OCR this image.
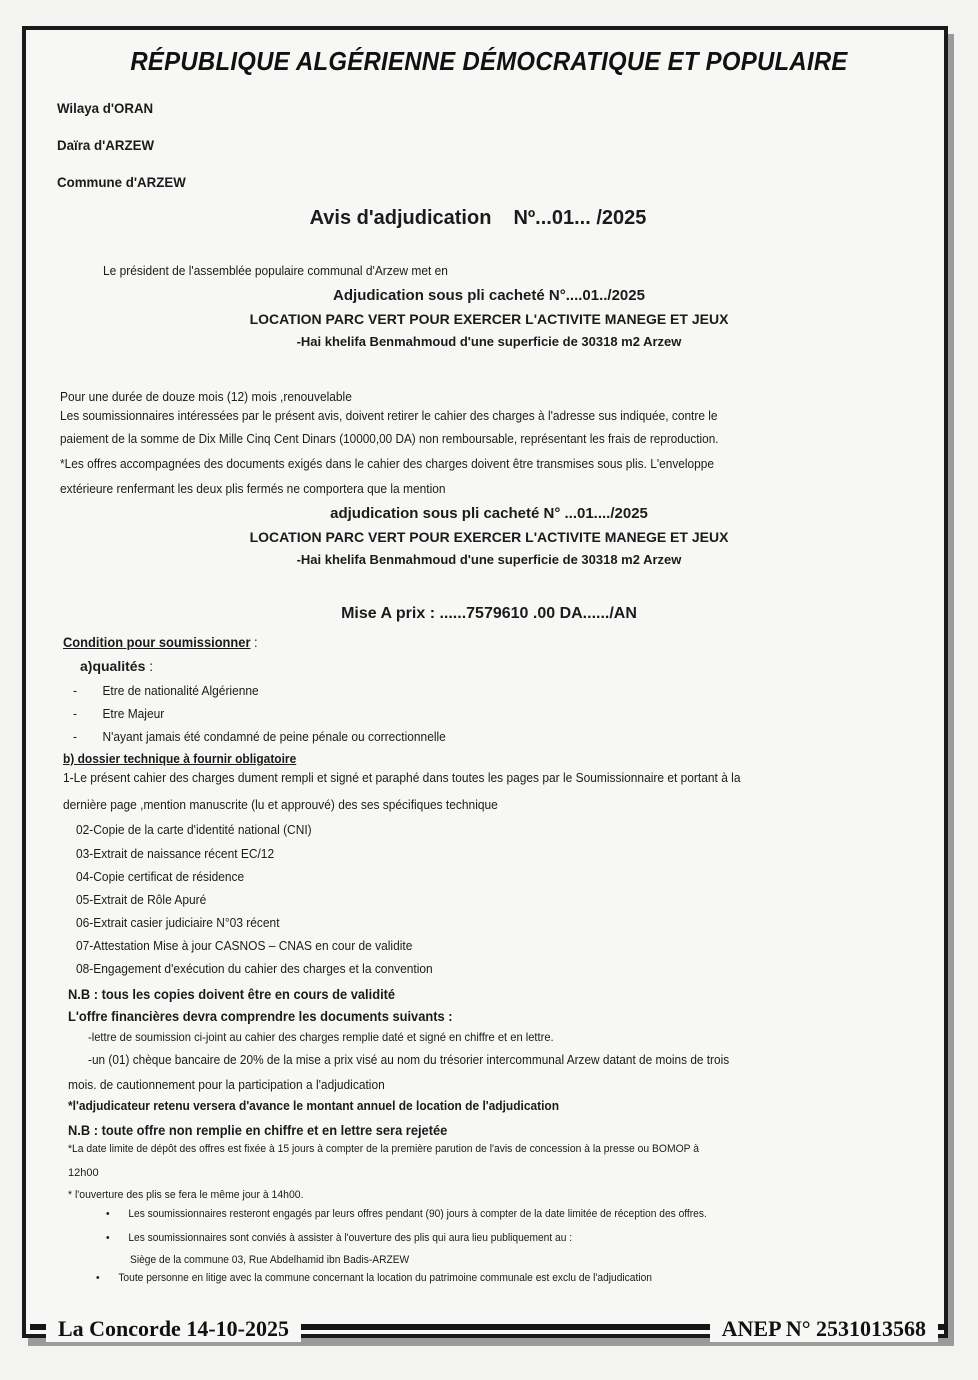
RÉPUBLIQUE ALGÉRIENNE DÉMOCRATIQUE ET POPULAIRE
Wilaya d'ORAN
Daïra d'ARZEW
Commune d'ARZEW
Avis d'adjudication Nº...01... /2025
Le président de l'assemblée populaire communal d'Arzew met en
Adjudication sous pli cacheté N°....01../2025
LOCATION PARC VERT POUR EXERCER L'ACTIVITE MANEGE ET JEUX
-Hai khelifa Benmahmoud d'une superficie de 30318 m2 Arzew
Pour une durée de douze mois (12) mois ,renouvelable
Les soumissionnaires intéressées par le présent avis, doivent retirer le cahier des charges à l'adresse sus indiquée, contre le
paiement de la somme de Dix Mille Cinq Cent Dinars (10000,00 DA) non remboursable, représentant les frais de reproduction.
*Les offres accompagnées des documents exigés dans le cahier des charges doivent être transmises sous plis. L'enveloppe
extérieure renfermant les deux plis fermés ne comportera que la mention
adjudication sous pli cacheté N° ...01..../2025
LOCATION PARC VERT POUR EXERCER L'ACTIVITE MANEGE ET JEUX
-Hai khelifa Benmahmoud d'une superficie de 30318 m2 Arzew
Mise A prix : ......7579610 .00 DA....../AN
Condition pour soumissionner :
a)qualités :
- Etre de nationalité Algérienne
- Etre Majeur
- N'ayant jamais été condamné de peine pénale ou correctionnelle
b) dossier technique à fournir obligatoire
1-Le présent cahier des charges dument rempli et signé et paraphé dans toutes les pages par le Soumissionnaire et portant à la
dernière page ,mention manuscrite (lu et approuvé) des ses spécifiques technique
02-Copie de la carte d'identité national (CNI)
03-Extrait de naissance récent EC/12
04-Copie certificat de résidence
05-Extrait de Rôle Apuré
06-Extrait casier judiciaire N°03 récent
07-Attestation Mise à jour CASNOS – CNAS en cour de validite
08-Engagement d'exécution du cahier des charges et la convention
N.B : tous les copies doivent être en cours de validité
L'offre financières devra comprendre les documents suivants :
-lettre de soumission ci-joint au cahier des charges remplie daté et signé en chiffre et en lettre.
-un (01) chèque bancaire de 20% de la mise a prix visé au nom du trésorier intercommunal Arzew datant de moins de trois
mois. de cautionnement pour la participation a l'adjudication
*l'adjudicateur retenu versera d'avance le montant annuel de location de l'adjudication
N.B : toute offre non remplie en chiffre et en lettre sera rejetée
*La date limite de dépôt des offres est fixée à 15 jours à compter de la première parution de l'avis de concession à la presse ou BOMOP à
12h00
* l'ouverture des plis se fera le même jour à 14h00.
• Les soumissionnaires resteront engagés par leurs offres pendant (90) jours à compter de la date limitée de réception des offres.
• Les soumissionnaires sont conviés à assister à l'ouverture des plis qui aura lieu publiquement au :
Siège de la commune 03, Rue Abdelhamid ibn Badis-ARZEW
• Toute personne en litige avec la commune concernant la location du patrimoine communale est exclu de l'adjudication
La Concorde 14-10-2025	ANEP N° 2531013568
